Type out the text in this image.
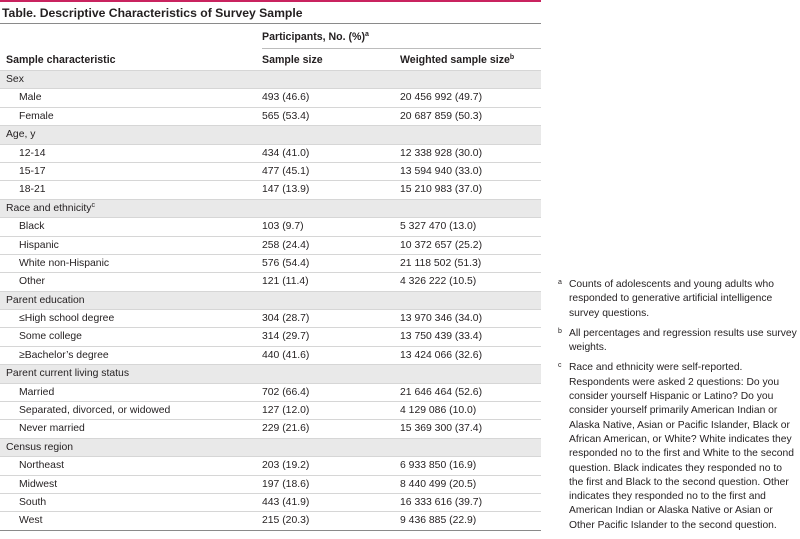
Table. Descriptive Characteristics of Survey Sample
Participants, No. (%)$^a$
Sample characteristic	Sample size	Weighted sample size$^b$
Sex
Male	493 (46.6)	20 456 992 (49.7)
Female	565 (53.4)	20 687 859 (50.3)
Age, y
12-14	434 (41.0)	12 338 928 (30.0)
15-17	477 (45.1)	13 594 940 (33.0)
18-21	147 (13.9)	15 210 983 (37.0)
Race and ethnicity$^c$
Black	103 (9.7)	5 327 470 (13.0)
Hispanic	258 (24.4)	10 372 657 (25.2)
White non-Hispanic	576 (54.4)	21 118 502 (51.3)
Other	121 (11.4)	4 326 222 (10.5)
Parent education
≤High school degree	304 (28.7)	13 970 346 (34.0)
Some college	314 (29.7)	13 750 439 (33.4)
≥Bachelor’s degree	440 (41.6)	13 424 066 (32.6)
Parent current living status
Married	702 (66.4)	21 646 464 (52.6)
Separated, divorced, or widowed	127 (12.0)	4 129 086 (10.0)
Never married	229 (21.6)	15 369 300 (37.4)
Census region
Northeast	203 (19.2)	6 933 850 (16.9)
Midwest	197 (18.6)	8 440 499 (20.5)
South	443 (41.9)	16 333 616 (39.7)
West	215 (20.3)	9 436 885 (22.9)
a Counts of adolescents and young adults who responded to generative artificial intelligence survey questions.
b All percentages and regression results use survey weights.
c Race and ethnicity were self-reported. Respondents were asked 2 questions: Do you consider yourself Hispanic or Latino? Do you consider yourself primarily American Indian or Alaska Native, Asian or Pacific Islander, Black or African American, or White? White indicates they responded no to the first and White to the second question. Black indicates they responded no to the first and Black to the second question. Other indicates they responded no to the first and American Indian or Alaska Native or Asian or Other Pacific Islander to the second question.
